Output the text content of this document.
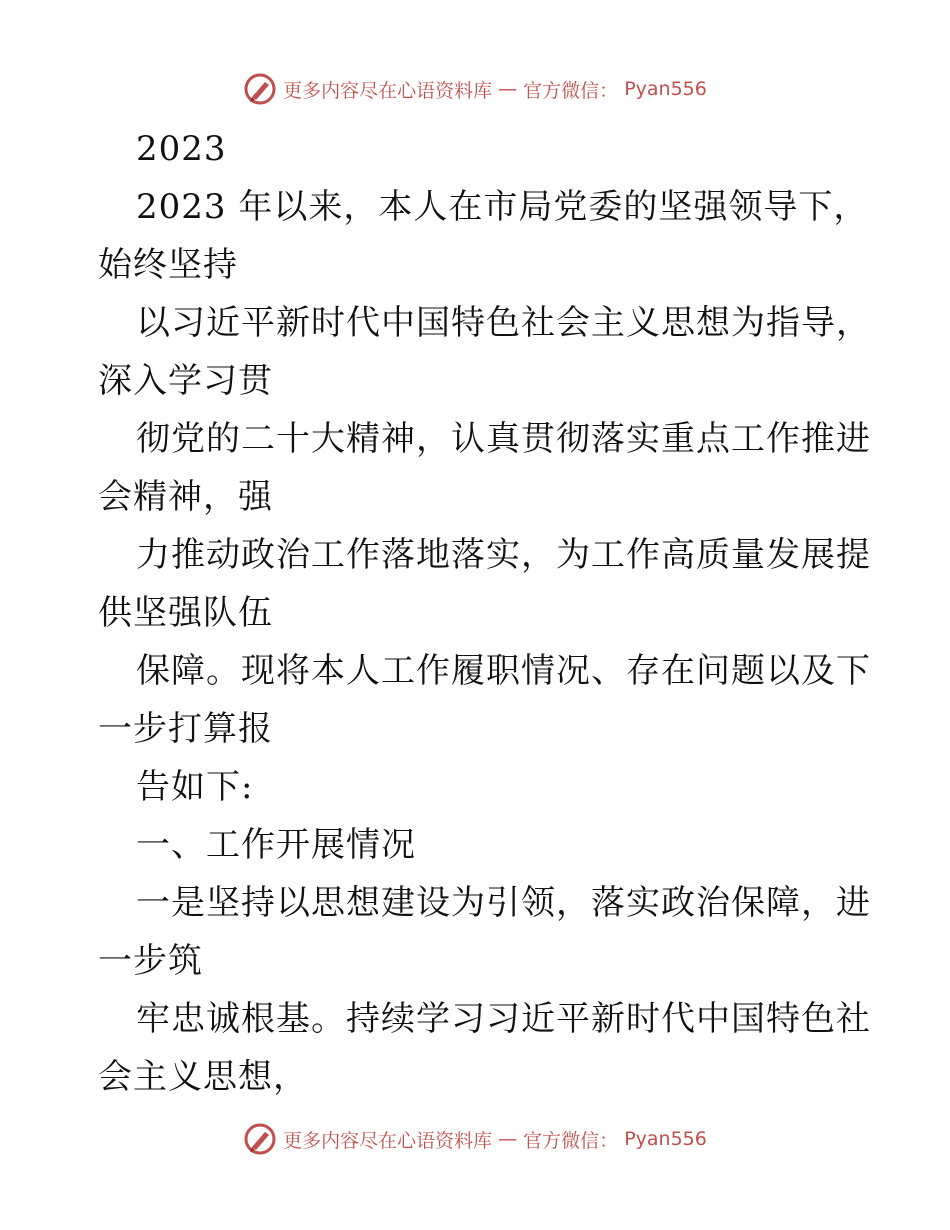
更多内容尽在心语资料库 — 官方微信： Pyan556
2023
2023 年以来，本人在市局党委的坚强领导下，
始终坚持
以习近平新时代中国特色社会主义思想为指导，
深入学习贯
彻党的二十大精神，认真贯彻落实重点工作推进
会精神，强
力推动政治工作落地落实，为工作高质量发展提
供坚强队伍
保障。现将本人工作履职情况、存在问题以及下
一步打算报
告如下:
一、工作开展情况
一是坚持以思想建设为引领，落实政治保障，进
一步筑
牢忠诚根基。持续学习习近平新时代中国特色社
会主义思想，
更多内容尽在心语资料库 — 官方微信： Pyan556
